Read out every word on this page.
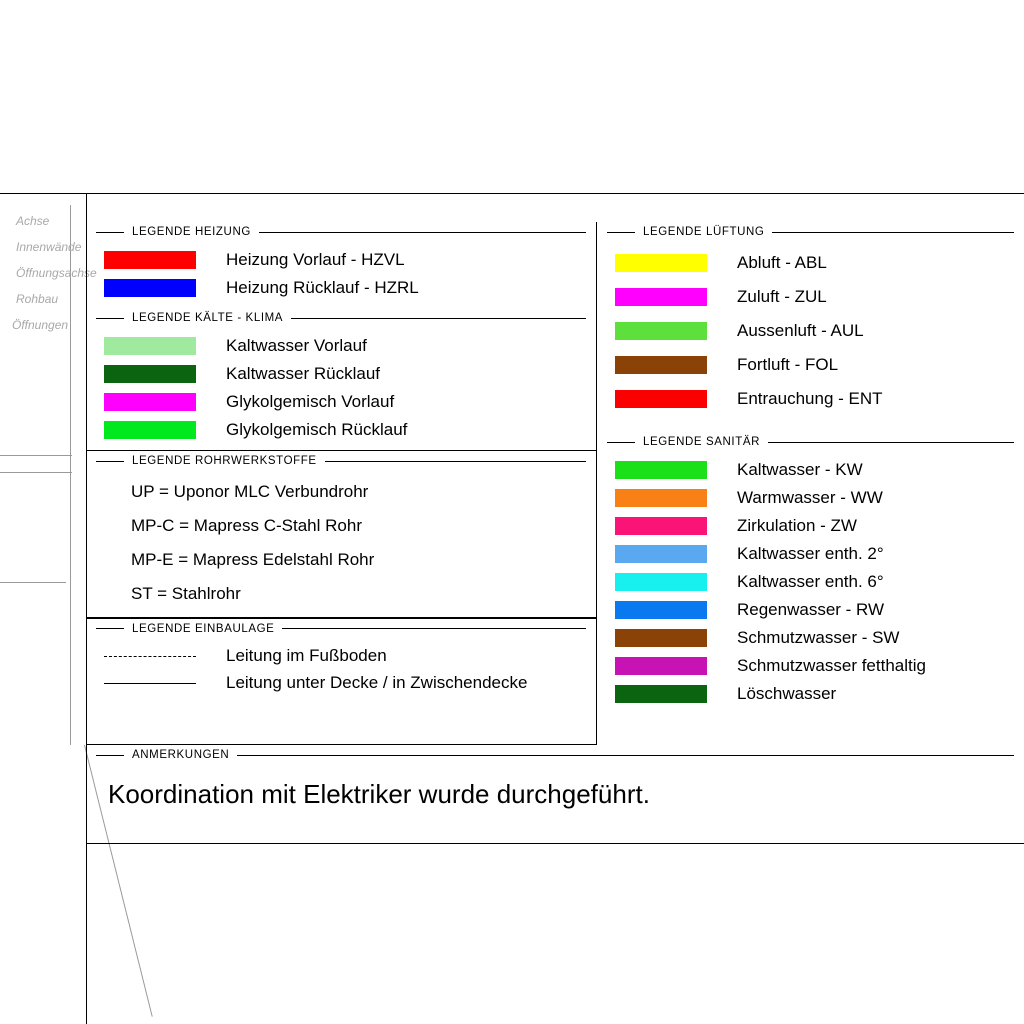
Achse
Innenwände
Öffnungsachse
Rohbau
Öffnungen
LEGENDE HEIZUNG
Heizung Vorlauf - HZVL
Heizung Rücklauf - HZRL
LEGENDE KÄLTE - KLIMA
Kaltwasser Vorlauf
Kaltwasser Rücklauf
Glykolgemisch Vorlauf
Glykolgemisch Rücklauf
LEGENDE ROHRWERKSTOFFE
UP = Uponor MLC Verbundrohr
MP-C = Mapress C-Stahl Rohr
MP-E = Mapress Edelstahl Rohr
ST = Stahlrohr
LEGENDE EINBAULAGE
Leitung im Fußboden
Leitung unter Decke / in Zwischendecke
LEGENDE LÜFTUNG
Abluft - ABL
Zuluft - ZUL
Aussenluft - AUL
Fortluft - FOL
Entrauchung - ENT
LEGENDE SANITÄR
Kaltwasser - KW
Warmwasser - WW
Zirkulation - ZW
Kaltwasser enth. 2°
Kaltwasser enth. 6°
Regenwasser - RW
Schmutzwasser - SW
Schmutzwasser fetthaltig
Löschwasser
ANMERKUNGEN
Koordination mit Elektriker wurde durchgeführt.
